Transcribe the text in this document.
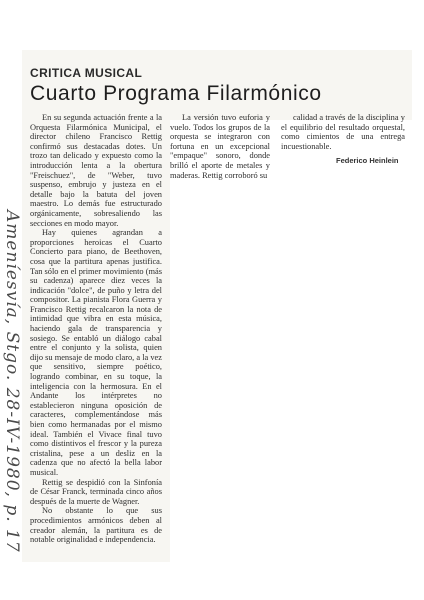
CRITICA MUSICAL
Cuarto Programa Filarmónico

En su segunda actuación frente a la Orquesta Filarmónica Municipal, el director chileno Francisco Rettig confirmó sus destacadas dotes. Un trozo tan delicado y expuesto como la introducción lenta a la obertura "Freischuez", de "Weber, tuvo suspenso, embrujo y justeza en el detalle bajo la batuta del joven maestro. Lo demás fue estructurado orgánicamente, sobresaliendo las secciones en modo mayor.

Hay quienes agrandan a proporciones heroicas el Cuarto Concierto para piano, de Beethoven, cosa que la partitura apenas justifica. Tan sólo en el primer movimiento (más su cadenza) aparece diez veces la indicación "dolce", de puño y letra del compositor. La pianista Flora Guerra y Francisco Rettig recalcaron la nota de intimidad que vibra en esta música, haciendo gala de transparencia y sosiego. Se entabló un diálogo cabal entre el conjunto y la solista, quien dijo su mensaje de modo claro, a la vez que sensitivo, siempre poético, logrando combinar, en su toque, la inteligencia con la hermosura. En el Andante los intérpretes no establecieron ninguna oposición de caracteres, complementándose más bien como hermanadas por el mismo ideal. También el Vivace final tuvo como distintivos el frescor y la pureza cristalina, pese a un desliz en la cadenza que no afectó la bella labor musical.

Rettig se despidió con la Sinfonía de César Franck, terminada cinco años después de la muerte de Wagner.

No obstante lo que sus procedimientos armónicos deben al creador alemán, la partitura es de notable originalidad e independencia.

La versión tuvo euforia y vuelo. Todos los grupos de la orquesta se integraron con fortuna en un excepcional "empaque" sonoro, donde brilló el aporte de metales y maderas. Rettig corroboró su

calidad a través de la disciplina y el equilibrio del resultado orquestal, como cimientos de una entrega incuestionable.

Federico Heinlein

Ameníesvía, Stgo. 28-IV-1980, p. 17
